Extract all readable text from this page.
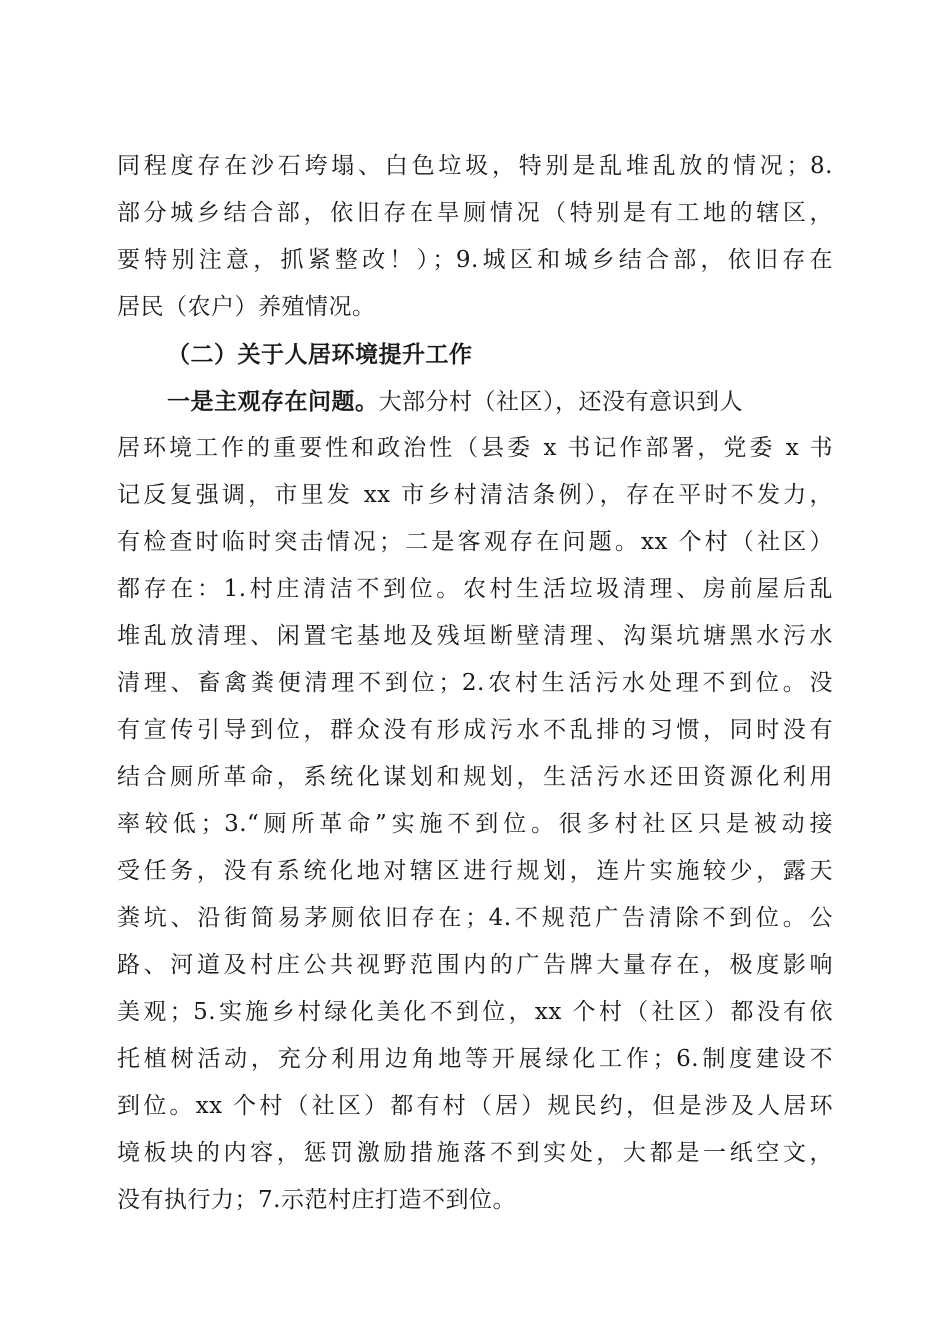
同程度存在沙石垮塌、白色垃圾，特别是乱堆乱放的情况；8.
部分城乡结合部，依旧存在旱厕情况（特别是有工地的辖区，
要特别注意，抓紧整改！）；9.城区和城乡结合部，依旧存在
居民（农户）养殖情况。
（二）关于人居环境提升工作
一是主观存在问题。大部分村（社区），还没有意识到人
居环境工作的重要性和政治性（县委 x 书记作部署，党委 x 书
记反复强调，市里发 xx 市乡村清洁条例），存在平时不发力，
有检查时临时突击情况；二是客观存在问题。xx 个村（社区）
都存在：1.村庄清洁不到位。农村生活垃圾清理、房前屋后乱
堆乱放清理、闲置宅基地及残垣断壁清理、沟渠坑塘黑水污水
清理、畜禽粪便清理不到位；2.农村生活污水处理不到位。没
有宣传引导到位，群众没有形成污水不乱排的习惯，同时没有
结合厕所革命，系统化谋划和规划，生活污水还田资源化利用
率较低；3.“厕所革命”实施不到位。很多村社区只是被动接
受任务，没有系统化地对辖区进行规划，连片实施较少，露天
粪坑、沿街简易茅厕依旧存在；4.不规范广告清除不到位。公
路、河道及村庄公共视野范围内的广告牌大量存在，极度影响
美观；5.实施乡村绿化美化不到位，xx 个村（社区）都没有依
托植树活动，充分利用边角地等开展绿化工作；6.制度建设不
到位。xx 个村（社区）都有村（居）规民约，但是涉及人居环
境板块的内容，惩罚激励措施落不到实处，大都是一纸空文，
没有执行力；7.示范村庄打造不到位。
